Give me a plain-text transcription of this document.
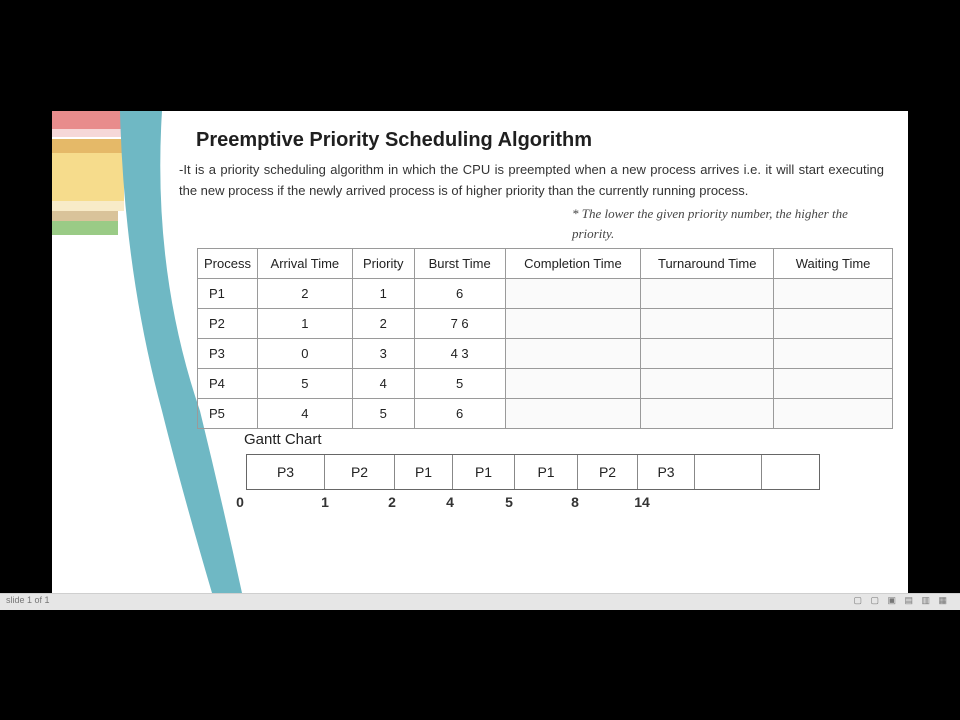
Preemptive Priority Scheduling Algorithm
-It is a priority scheduling algorithm in which the CPU is preempted when a new process arrives i.e. it will start executing the new process if the newly arrived process is of higher priority than the currently running process.
* The lower the given priority number, the higher the priority.
Process	Arrival Time	Priority	Burst Time	Completion Time	Turnaround Time	Waiting Time
P1	2	1	6			
P2	1	2	7 6			
P3	0	3	4 3			
P4	5	4	5			
P5	4	5	6			
Gantt Chart
P3	P2	P1	P1	P1	P2	P3
0	1	2	4	5	8	14
slide 1 of 1	▢ ▢ ▣ ▤ ▥ ▦
